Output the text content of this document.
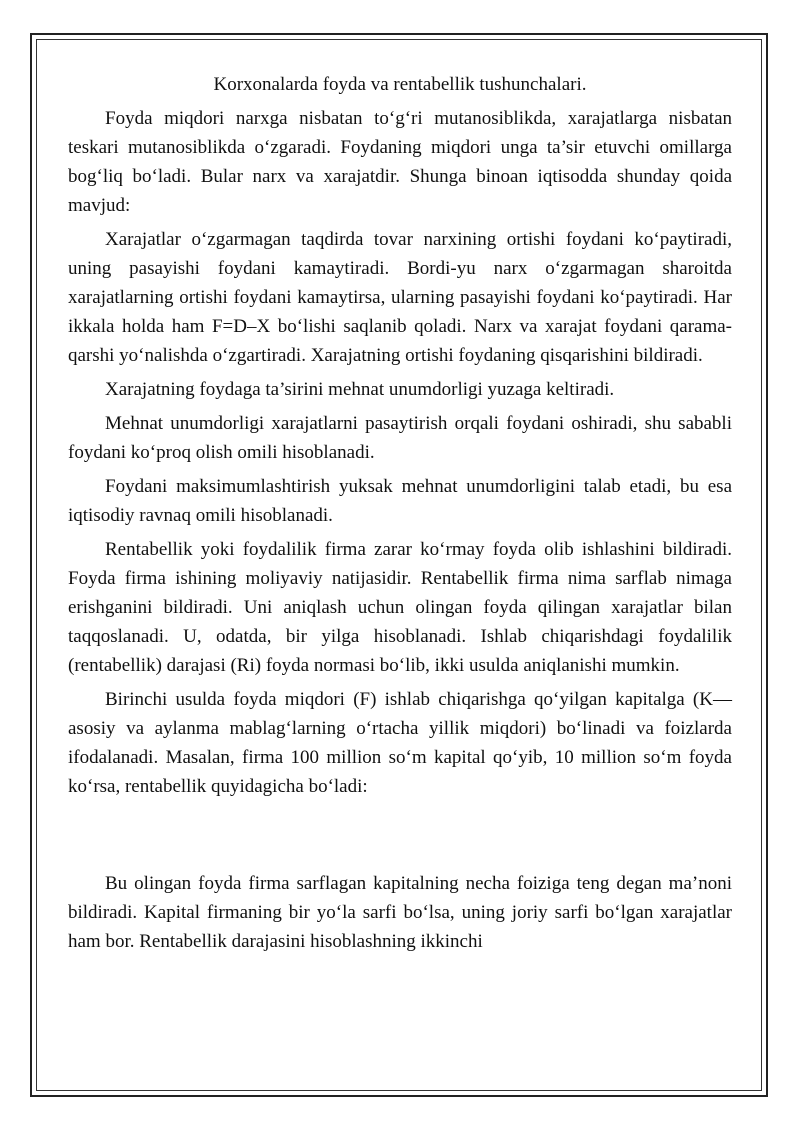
Korxonalarda foyda va rentabellik tushunchalari.

Foyda miqdori narxga nisbatan to‘g‘ri mutanosiblikda, xarajatlarga nisbatan teskari mutanosiblikda o‘zgaradi. Foydaning miqdori unga ta’sir etuvchi omillarga bog‘liq bo‘ladi. Bular narx va xarajatdir. Shunga binoan iqtisodda shunday qoida mavjud:

Xarajatlar o‘zgarmagan taqdirda tovar narxining ortishi foydani ko‘paytiradi, uning pasayishi foydani kamaytiradi. Bordi-yu narx o‘zgarmagan sharoitda xarajatlarning ortishi foydani kamaytirsa, ularning pasayishi foydani ko‘paytiradi. Har ikkala holda ham F=D–X bo‘lishi saqlanib qoladi. Narx va xarajat foydani qarama-qarshi yo‘nalishda o‘zgartiradi. Xarajatning ortishi foydaning qisqarishini bildiradi.

Xarajatning foydaga ta’sirini mehnat unumdorligi yuzaga keltiradi.

Mehnat unumdorligi xarajatlarni pasaytirish orqali foydani oshiradi, shu sababli foydani ko‘proq olish omili hisoblanadi.

Foydani maksimumlashtirish yuksak mehnat unumdorligini talab etadi, bu esa iqtisodiy ravnaq omili hisoblanadi.

Rentabellik yoki foydalilik firma zarar ko‘rmay foyda olib ishlashini bildiradi. Foyda firma ishining moliyaviy natijasidir. Rentabellik firma nima sarflab nimaga erishganini bildiradi. Uni aniqlash uchun olingan foyda qilingan xarajatlar bilan taqqoslanadi. U, odatda, bir yilga hisoblanadi. Ishlab chiqarishdagi foydalilik (rentabellik) darajasi (Ri) foyda normasi bo‘lib, ikki usulda aniqlanishi mumkin.

Birinchi usulda foyda miqdori (F) ishlab chiqarishga qo‘yilgan kapitalga (K—asosiy va aylanma mablag‘larning o‘rtacha yillik miqdori) bo‘linadi va foizlarda ifodalanadi. Masalan, firma 100 million so‘m kapital qo‘yib, 10 million so‘m foyda ko‘rsa, rentabellik quyidagicha bo‘ladi:

Bu olingan foyda firma sarflagan kapitalning necha foiziga teng degan ma’noni bildiradi. Kapital firmaning bir yo‘la sarfi bo‘lsa, uning joriy sarfi bo‘lgan xarajatlar ham bor. Rentabellik darajasini hisoblashning ikkinchi
